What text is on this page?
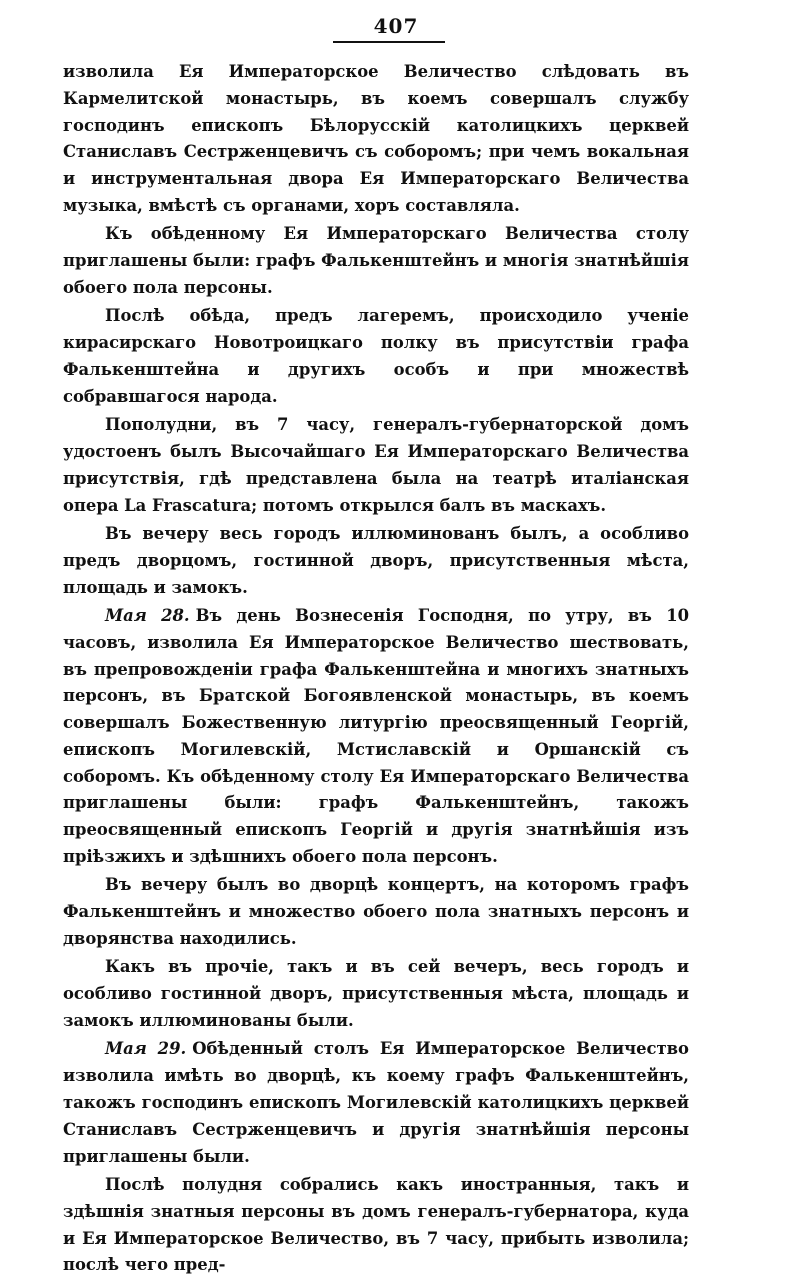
407

изволила Ея Императорское Величество слѣдовать въ Кармелитской монастырь, въ коемъ совершалъ службу господинъ епископъ Бѣлорусскій католицкихъ церквей Станиславъ Сестрженцевичъ съ соборомъ; при чемъ вокальная и инструментальная двора Ея Императорскаго Величества музыка, вмѣстѣ съ органами, хоръ составляла.

Къ обѣденному Ея Императорскаго Величества столу приглашены были: графъ Фалькенштейнъ и многія знатнѣйшія обоего пола персоны.

Послѣ обѣда, предъ лагеремъ, происходило ученіе кирасирскаго Новотроицкаго полку въ присутствіи графа Фалькенштейна и другихъ особъ и при множествѣ собравшагося народа.

Пополудни, въ 7 часу, генералъ-губернаторской домъ удостоенъ былъ Высочайшаго Ея Императорскаго Величества присутствія, гдѣ представлена была на театрѣ италіанская опера La Frascatura; потомъ открылся балъ въ маскахъ.

Въ вечеру весь городъ иллюминованъ былъ, а особливо предъ дворцомъ, гостинной дворъ, присутственныя мѣста, площадь и замокъ.

Мая 28. Въ день Вознесенія Господня, по утру, въ 10 часовъ, изволила Ея Императорское Величество шествовать, въ препровожденіи графа Фалькенштейна и многихъ знатныхъ персонъ, въ Братской Богоявленской монастырь, въ коемъ совершалъ Божественную литургію преосвященный Георгій, епископъ Могилевскій, Мстиславскій и Оршанскій съ соборомъ. Къ обѣденному столу Ея Императорскаго Величества приглашены были: графъ Фалькенштейнъ, такожъ преосвященный епископъ Георгій и другія знатнѣйшія изъ пріѣзжихъ и здѣшнихъ обоего пола персонъ.

Въ вечеру былъ во дворцѣ концертъ, на которомъ графъ Фалькенштейнъ и множество обоего пола знатныхъ персонъ и дворянства находились.

Какъ въ прочіе, такъ и въ сей вечеръ, весь городъ и особливо гостинной дворъ, присутственныя мѣста, площадь и замокъ иллюминованы были.

Мая 29. Обѣденный столъ Ея Императорское Величество изволила имѣть во дворцѣ, къ коему графъ Фалькенштейнъ, такожъ господинъ епископъ Могилевскій католицкихъ церквей Станиславъ Сестрженцевичъ и другія знатнѣйшія персоны приглашены были.

Послѣ полудня собрались какъ иностранныя, такъ и здѣшнія знатныя персоны въ домъ генералъ-губернатора, куда и Ея Императорское Величество, въ 7 часу, прибыть изволила; послѣ чего пред-
